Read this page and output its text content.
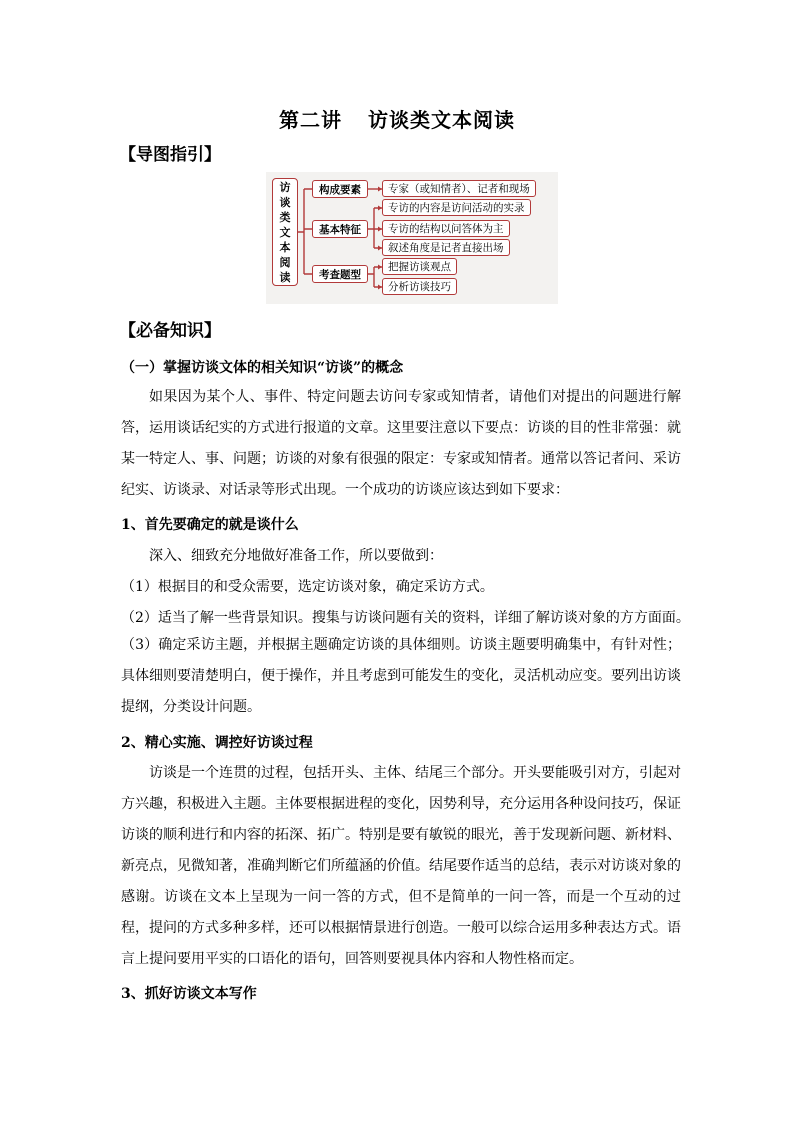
第二讲 访谈类文本阅读
【导图指引】
访
谈
类
文
本
阅
读
构成要素
基本特征
考查题型
专家（或知情者）、记者和现场
专访的内容是访问活动的实录
专访的结构以问答体为主
叙述角度是记者直接出场
把握访谈观点
分析访谈技巧
【必备知识】
（一）掌握访谈文体的相关知识“访谈”的概念
如果因为某个人、事件、特定问题去访问专家或知情者，请他们对提出的问题进行解答，运用谈话纪实的方式进行报道的文章。这里要注意以下要点：访谈的目的性非常强：就某一特定人、事、问题；访谈的对象有很强的限定：专家或知情者。通常以答记者问、采访纪实、访谈录、对话录等形式出现。一个成功的访谈应该达到如下要求：
1、首先要确定的就是谈什么
深入、细致充分地做好准备工作，所以要做到：
（1）根据目的和受众需要，选定访谈对象，确定采访方式。
（2）适当了解一些背景知识。搜集与访谈问题有关的资料，详细了解访谈对象的方方面面。
（3）确定采访主题，并根据主题确定访谈的具体细则。访谈主题要明确集中，有针对性；具体细则要清楚明白，便于操作，并且考虑到可能发生的变化，灵活机动应变。要列出访谈提纲，分类设计问题。
2、精心实施、调控好访谈过程
访谈是一个连贯的过程，包括开头、主体、结尾三个部分。开头要能吸引对方，引起对方兴趣，积极进入主题。主体要根据进程的变化，因势利导，充分运用各种设问技巧，保证访谈的顺利进行和内容的拓深、拓广。特别是要有敏锐的眼光，善于发现新问题、新材料、新亮点，见微知著，准确判断它们所蕴涵的价值。结尾要作适当的总结，表示对访谈对象的感谢。访谈在文本上呈现为一问一答的方式，但不是简单的一问一答，而是一个互动的过程，提问的方式多种多样，还可以根据情景进行创造。一般可以综合运用多种表达方式。语言上提问要用平实的口语化的语句，回答则要视具体内容和人物性格而定。
3、抓好访谈文本写作
